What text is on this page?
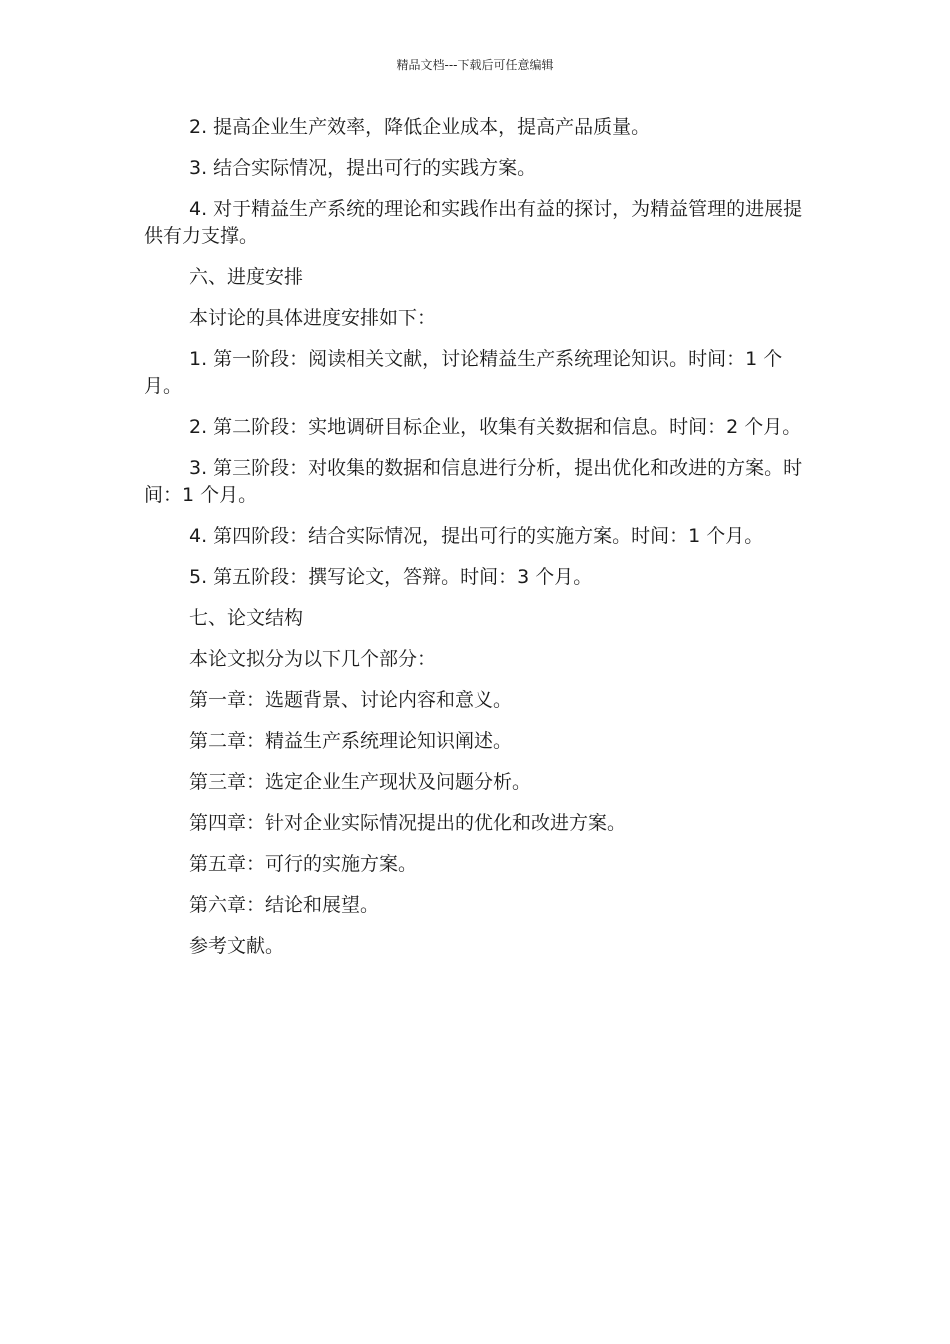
精品文档---下载后可任意编辑

2. 提高企业生产效率，降低企业成本，提高产品质量。

3. 结合实际情况，提出可行的实践方案。

4. 对于精益生产系统的理论和实践作出有益的探讨，为精益管理的进展提供有力支撑。

六、进度安排

本讨论的具体进度安排如下：

1. 第一阶段：阅读相关文献，讨论精益生产系统理论知识。时间：1 个月。

2. 第二阶段：实地调研目标企业，收集有关数据和信息。时间：2 个月。

3. 第三阶段：对收集的数据和信息进行分析，提出优化和改进的方案。时间：1 个月。

4. 第四阶段：结合实际情况，提出可行的实施方案。时间：1 个月。

5. 第五阶段：撰写论文，答辩。时间：3 个月。

七、论文结构

本论文拟分为以下几个部分：

第一章：选题背景、讨论内容和意义。

第二章：精益生产系统理论知识阐述。

第三章：选定企业生产现状及问题分析。

第四章：针对企业实际情况提出的优化和改进方案。

第五章：可行的实施方案。

第六章：结论和展望。

参考文献。
